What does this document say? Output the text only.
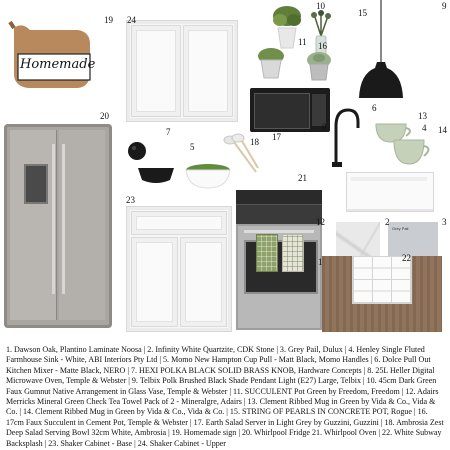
Homemade
Grey Pail
19 24
10
11 16
15
9
20
7	17
8
6
13
4 14
5	18
21
23
12	2	3
1	22
1. Dawson Oak, Plantino Laminate Noosa | 2. Infinity White Quartzite, CDK Stone | 3. Grey Pail, Dulux | 4. Henley Single Fluted Farmhouse Sink - White, ABI Interiors Pty Ltd | 5. Momo New Hampton Cup Pull - Matt Black, Momo Handles | 6. Dolce Pull Out Kitchen Mixer - Matte Black, NERO | 7. HEXI POLKA BLACK SOLID BRASS KNOB, Hardware Concepts | 8. 25L Heller Digital Microwave Oven, Temple & Webster | 9. Telbix Polk Brushed Black Shade Pendant Light (E27) Large, Telbix | 10. 45cm Dark Green Faux Gumnut Native Arrangement in Glass Vase, Temple & Webster | 11. SUCCULENT Pot Green by Freedom, Freedom | 12. Adairs Merricks Mineral Green Check Tea Towel Pack of 2 - Mineralgre, Adairs | 13. Clement Ribbed Mug in Green by Vida & Co., Vida & Co. | 14. Clement Ribbed Mug in Green by Vida & Co., Vida & Co. | 15. STRING OF PEARLS IN CONCRETE POT, Rogue | 16. 17cm Faux Succulent in Cement Pot, Temple & Webster | 17. Earth Salad Server in Light Grey by Guzzini, Guzzini | 18. Ambrosia Zest Deep Salad Serving Bowl 32cm White, Ambrosia | 19. Homemade sign | 20. Whirlpool Fridge 21. Whirlpool Oven | 22. White Subway Backsplash | 23. Shaker Cabinet - Base | 24. Shaker Cabinet - Upper
